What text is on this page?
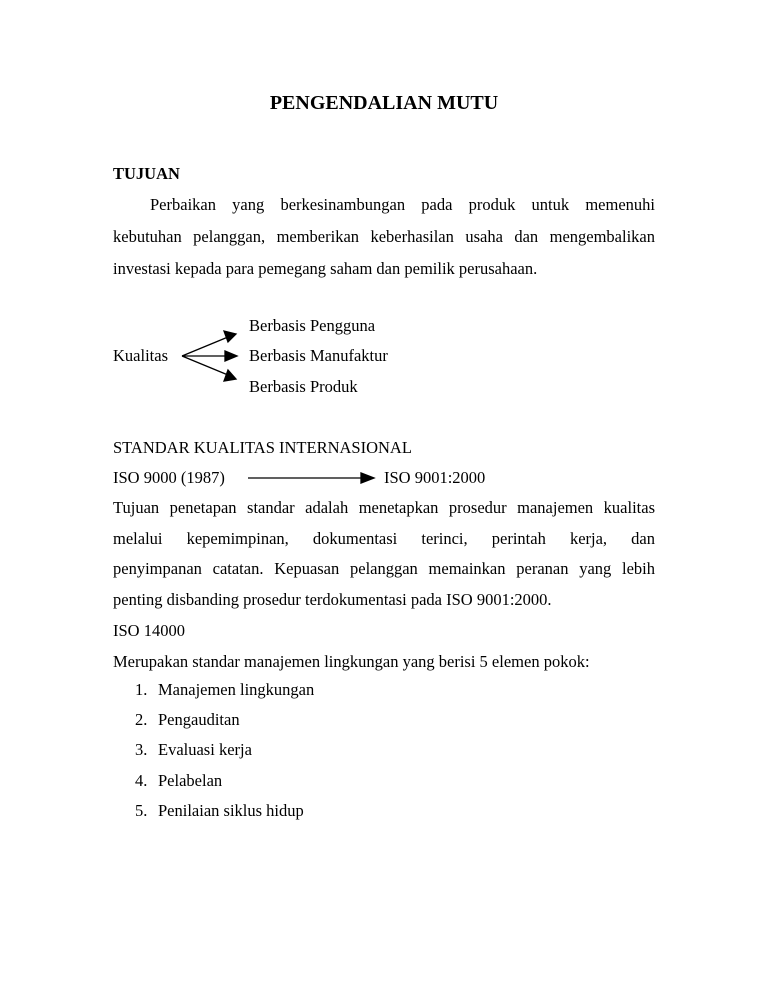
PENGENDALIAN MUTU
TUJUAN
Perbaikan yang berkesinambungan pada produk untuk memenuhi
kebutuhan pelanggan, memberikan keberhasilan usaha dan mengembalikan
investasi kepada para pemegang saham dan pemilik perusahaan.
Kualitas
Berbasis Pengguna
Berbasis Manufaktur
Berbasis Produk
STANDAR KUALITAS INTERNASIONAL
ISO 9000 (1987)	ISO 9001:2000
Tujuan penetapan standar adalah menetapkan prosedur manajemen kualitas
melalui kepemimpinan, dokumentasi terinci, perintah kerja, dan
penyimpanan catatan. Kepuasan pelanggan memainkan peranan yang lebih
penting disbanding prosedur terdokumentasi pada ISO 9001:2000.
ISO 14000
Merupakan standar manajemen lingkungan yang berisi 5 elemen pokok:
1. Manajemen lingkungan
2. Pengauditan
3. Evaluasi kerja
4. Pelabelan
5. Penilaian siklus hidup
